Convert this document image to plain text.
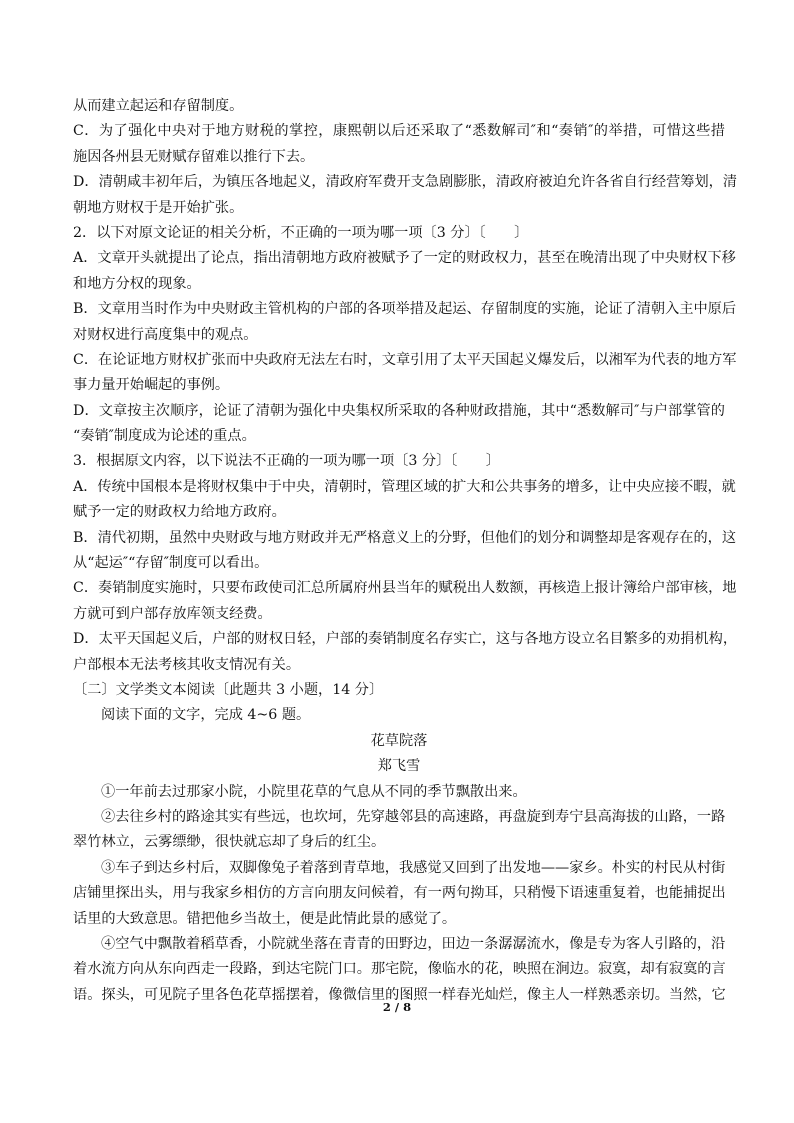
从而建立起运和存留制度。
C．为了强化中央对于地方财税的掌控，康熙朝以后还采取了“悉数解司″和“奏销″的举措，可惜这些措
施因各州县无财赋存留难以推行下去。
D．清朝咸丰初年后，为镇压各地起义，清政府军费开支急剧膨胀，清政府被迫允许各省自行经营筹划，清
朝地方财权于是开始扩张。
2．以下对原文论证的相关分析，不正确的一项为哪一项〔3 分〕〔　　〕
A．文章开头就提出了论点，指出清朝地方政府被赋予了一定的财政权力，甚至在晚清出现了中央财权下移
和地方分权的现象。
B．文章用当时作为中央财政主管机构的户部的各项举措及起运、存留制度的实施，论证了清朝入主中原后
对财权进行高度集中的观点。
C．在论证地方财权扩张而中央政府无法左右时，文章引用了太平天国起义爆发后，以湘军为代表的地方军
事力量开始崛起的事例。
D．文章按主次顺序，论证了清朝为强化中央集权所采取的各种财政措施，其中“悉数解司″与户部掌管的
“奏销″制度成为论述的重点。
3．根据原文内容，以下说法不正确的一项为哪一项〔3 分〕〔　　〕
A．传统中国根本是将财权集中于中央，清朝时，管理区域的扩大和公共事务的增多，让中央应接不暇，就
赋予一定的财政权力给地方政府。
B．清代初期，虽然中央财政与地方财政并无严格意义上的分野，但他们的划分和调整却是客观存在的，这
从“起运″“存留″制度可以看出。
C．奏销制度实施时，只要布政使司汇总所属府州县当年的赋税出人数额，再核造上报计簿给户部审核，地
方就可到户部存放库领支经费。
D．太平天国起义后，户部的财权日轻，户部的奏销制度名存实亡，这与各地方设立名目繁多的劝捐机构，
户部根本无法考核其收支情况有关。
〔二〕文学类文本阅读〔此题共 3 小题，14 分〕
阅读下面的文字，完成 4~6 题。
花草院落
郑飞雪
①一年前去过那家小院，小院里花草的气息从不同的季节飘散出来。
②去往乡村的路途其实有些远，也坎坷，先穿越邻县的高速路，再盘旋到寿宁县高海拔的山路，一路
翠竹林立，云雾缥缈，很快就忘却了身后的红尘。
③车子到达乡村后，双脚像兔子着落到青草地，我感觉又回到了出发地——家乡。朴实的村民从村街
店铺里探出头，用与我家乡相仿的方言向朋友问候着，有一两句拗耳，只稍慢下语速重复着，也能捕捉出
话里的大致意思。错把他乡当故土，便是此情此景的感觉了。
④空气中飘散着稻草香，小院就坐落在青青的田野边，田边一条潺潺流水，像是专为客人引路的，沿
着水流方向从东向西走一段路，到达宅院门口。那宅院，像临水的花，映照在涧边。寂寞，却有寂寞的言
语。探头，可见院子里各色花草摇摆着，像微信里的图照一样春光灿烂，像主人一样熟悉亲切。当然，它
2 / 8
